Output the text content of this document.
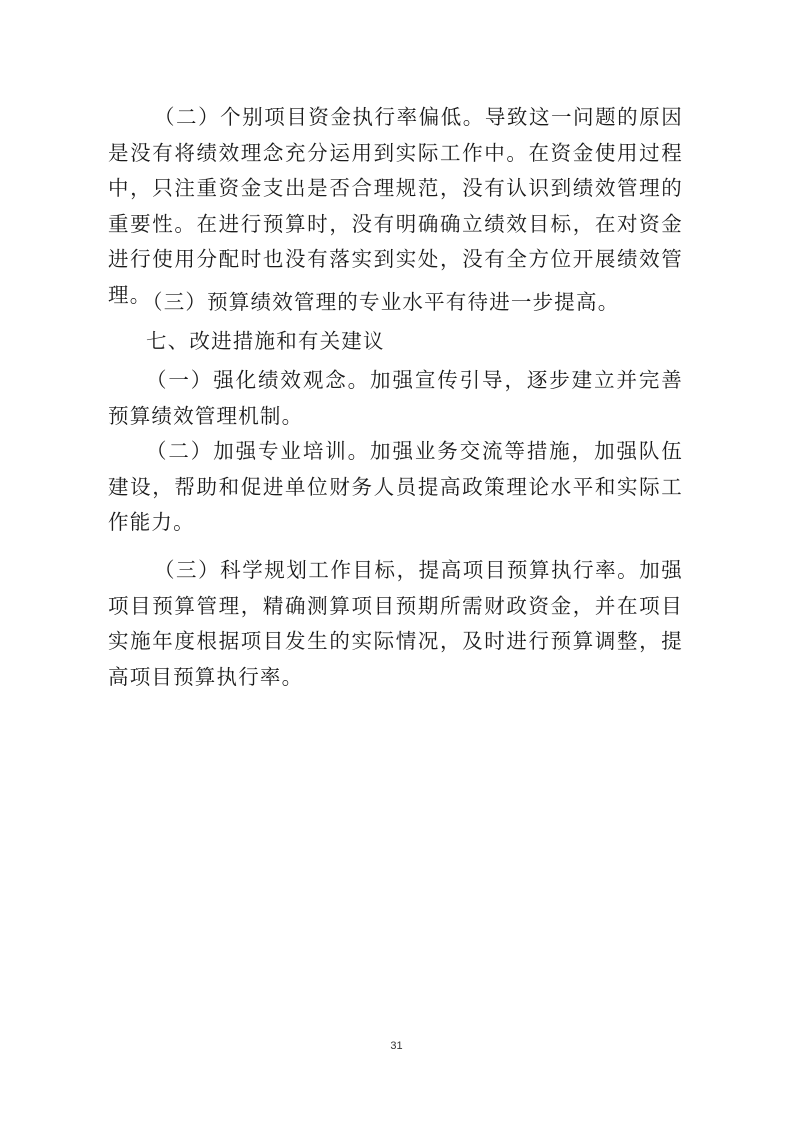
（二）个别项目资金执行率偏低。导致这一问题的原因是没有将绩效理念充分运用到实际工作中。在资金使用过程中，只注重资金支出是否合理规范，没有认识到绩效管理的重要性。在进行预算时，没有明确确立绩效目标，在对资金进行使用分配时也没有落实到实处，没有全方位开展绩效管理。

（三）预算绩效管理的专业水平有待进一步提高。

七、改进措施和有关建议

（一）强化绩效观念。加强宣传引导，逐步建立并完善预算绩效管理机制。

（二）加强专业培训。加强业务交流等措施，加强队伍建设，帮助和促进单位财务人员提高政策理论水平和实际工作能力。

（三）科学规划工作目标，提高项目预算执行率。加强项目预算管理，精确测算项目预期所需财政资金，并在项目实施年度根据项目发生的实际情况，及时进行预算调整，提高项目预算执行率。

31
